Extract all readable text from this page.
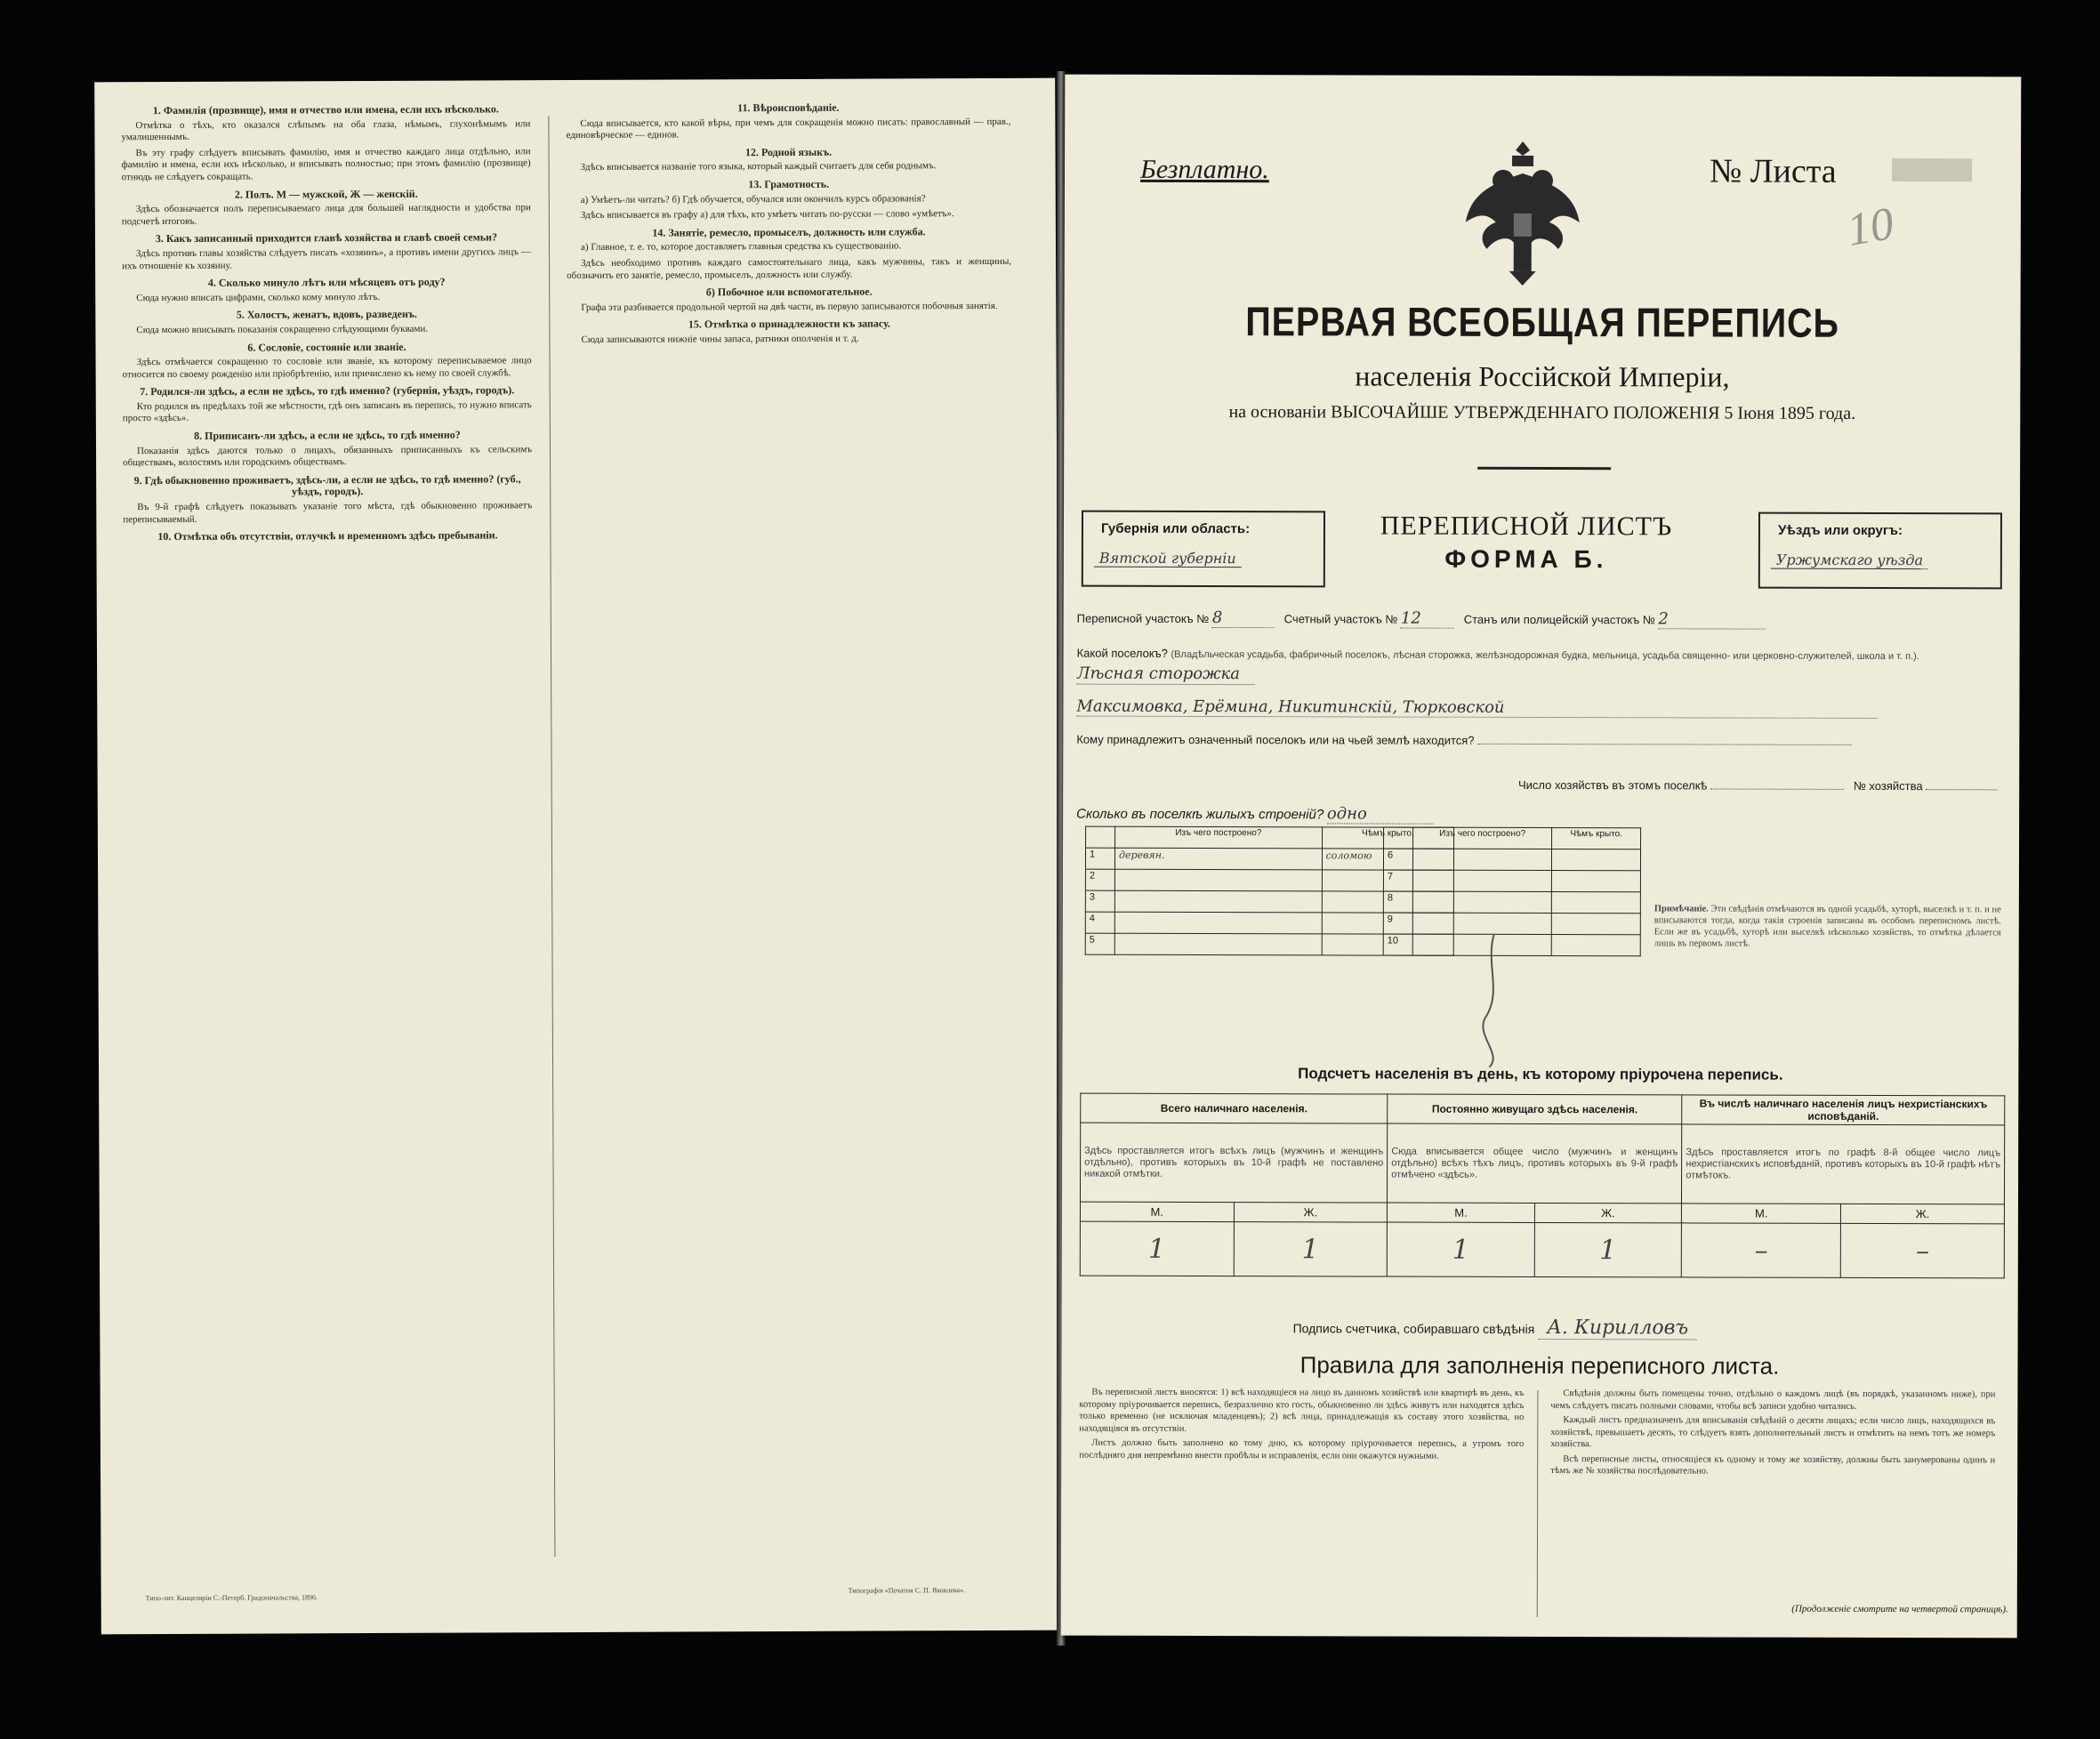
1. Фамилія (прозвище), имя и отчество или имена, если ихъ нѣсколько.
Отмѣтка о тѣхъ, кто оказался слѣпымъ на оба глаза, нѣмымъ, глухонѣмымъ или умалишеннымъ.
Въ эту графу слѣдуетъ вписывать фамилію, имя и отчество каждаго лица отдѣльно, или фамилію и имена, если ихъ нѣсколько, и вписывать полностью; при этомъ фамилію (прозвище) отнюдь не слѣдуетъ сокращать.
2. Полъ. М — мужской, Ж — женскій.
Здѣсь обозначается полъ переписываемаго лица для большей наглядности и удобства при подсчетѣ итоговъ.
3. Какъ записанный приходится главѣ хозяйства и главѣ своей семьи?
Здѣсь противъ главы хозяйства слѣдуетъ писать «хозяинъ», а противъ имени другихъ лицъ — ихъ отношеніе къ хозяину.
4. Сколько минуло лѣтъ или мѣсяцевъ отъ роду?
Сюда нужно вписать цифрами, сколько кому минуло лѣтъ.
5. Холостъ, женатъ, вдовъ, разведенъ.
Сюда можно вписывать показанія сокращенно слѣдующими буквами.
6. Сословіе, состояніе или званіе.
Здѣсь отмѣчается сокращенно то сословіе или званіе, къ которому переписываемое лицо относится по своему рожденію или пріобрѣтенію, или причислено къ нему по своей службѣ.
7. Родился-ли здѣсь, а если не здѣсь, то гдѣ именно? (губернія, уѣздъ, городъ).
Кто родился въ предѣлахъ той же мѣстности, гдѣ онъ записанъ въ перепись, то нужно вписать просто «здѣсь».
8. Приписанъ-ли здѣсь, а если не здѣсь, то гдѣ именно?
Показанія здѣсь даются только о лицахъ, обязанныхъ приписанныхъ къ сельскимъ обществамъ, волостямъ или городскимъ обществамъ.
9. Гдѣ обыкновенно проживаетъ, здѣсь-ли, а если не здѣсь, то гдѣ именно? (губ., уѣздъ, городъ).
Въ 9-й графѣ слѣдуетъ показывать указаніе того мѣста, гдѣ обыкновенно проживаетъ переписываемый.
10. Отмѣтка объ отсутствіи, отлучкѣ и временномъ здѣсь пребываніи.
11. Вѣроисповѣданіе.
Сюда вписывается, кто какой вѣры, при чемъ для сокращенія можно писать: православный — прав., единовѣрческое — единов.
12. Родной языкъ.
Здѣсь вписывается названіе того языка, который каждый считаетъ для себя роднымъ.
13. Грамотность.
а) Умѣетъ-ли читать? б) Гдѣ обучается, обучался или окончилъ курсъ образованія?
Здѣсь вписывается въ графу а) для тѣхъ, кто умѣетъ читать по-русски — слово «умѣетъ».
14. Занятіе, ремесло, промыселъ, должность или служба.
а) Главное, т. е. то, которое доставляетъ главныя средства къ существованію.
Здѣсь необходимо противъ каждаго самостоятельнаго лица, какъ мужчины, такъ и женщины, обозначить его занятіе, ремесло, промыселъ, должность или службу.
б) Побочное или вспомогательное.
Графа эта разбивается продольной чертой на двѣ части, въ первую записываются побочныя занятія.
15. Отмѣтка о принадлежности къ запасу.
Сюда записываются нижніе чины запаса, ратники ополченія и т. д.
Типо-лит. Канцеляріи С.-Петерб. Градоначальства, 1896.
Типографія «Печатня С. П. Яковлева».
Безплатно.	№ Листа
10
ПЕРВАЯ ВСЕОБЩАЯ ПЕРЕПИСЬ
населенія Россійской Имперіи,
на основаніи ВЫСОЧАЙШЕ УТВЕРЖДЕННАГО ПОЛОЖЕНІЯ 5 Іюня 1895 года.
Губернія или область:
Вятской губерніи
Уѣздъ или округъ:
Уржумскаго уѣзда
ПЕРЕПИСНОЙ ЛИСТЪ
ФОРМА Б.
Переписной участокъ № 8	Счетный участокъ № 12	Станъ или полицейскій участокъ № 2
Какой поселокъ? (Владѣльческая усадьба, фабричный поселокъ, лѣсная сторожка, желѣзнодорожная будка, мельница, усадьба священно- или церковно-служителей, школа и т. п.). Лѣсная сторожка
Максимовка, Ерёмина, Никитинскій, Тюрковской
Кому принадлежитъ означенный поселокъ или на чьей землѣ находится?
Число хозяйствъ въ этомъ поселкѣ	№ хозяйства
Сколько въ поселкѣ жилыхъ строеній? одно
	Изъ чего построено?	Чѣмъ крыто.
1	деревян.	соломою
2		
3		
4		
5		
	Изъ чего построено?	Чѣмъ крыто.
6		
7		
8		
9		
10		
Примѣчаніе. Эти свѣдѣнія отмѣчаются въ одной усадьбѣ, хуторѣ, выселкѣ и т. п. и не вписываются тогда, когда такія строенія записаны въ особомъ переписномъ листѣ. Если же въ усадьбѣ, хуторѣ или выселкѣ нѣсколько хозяйствъ, то отмѣтка дѣлается лишь въ первомъ листѣ.
Подсчетъ населенія въ день, къ которому пріурочена перепись.
Всего наличнаго населенія.		Постоянно живущаго здѣсь населенія.		Въ числѣ наличнаго населенія лицъ нехристіанскихъ исповѣданій.	
Здѣсь проставляется итогъ всѣхъ лицъ (мужчинъ и женщинъ отдѣльно), противъ которыхъ въ 10-й графѣ не поставлено никакой отмѣтки.		Сюда вписывается общее число (мужчинъ и женщинъ отдѣльно) всѣхъ тѣхъ лицъ, противъ которыхъ въ 9-й графѣ отмѣчено «здѣсь».		Здѣсь проставляется итогъ по графѣ 8-й общее число лицъ нехристіанскихъ исповѣданій, противъ которыхъ въ 10-й графѣ нѣтъ отмѣтокъ.	
М.	Ж.	М.	Ж.	М.	Ж.
1	1	1	1	–	–
Подпись счетчика, собиравшаго свѣдѣнія А. Кирилловъ
Правила для заполненія переписного листа.
Въ переписной листъ вносятся: 1) всѣ находящіеся на лицо въ данномъ хозяйствѣ или квартирѣ въ день, къ которому пріурочивается перепись, безразлично кто гость, обыкновенно ли здѣсь живутъ или находятся здѣсь только временно (не исключая младенцевъ); 2) всѣ лица, принадлежащія къ составу этого хозяйства, но находящіяся въ отсутствіи.
Листъ должно быть заполнено ко тому дню, къ которому пріурочивается перепись, а утромъ того послѣдняго дня непремѣнно внести пробѣлы и исправленія, если они окажутся нужными.
Свѣдѣнія должны быть помещены точно, отдѣльно о каждомъ лицѣ (въ порядкѣ, указанномъ ниже), при чемъ слѣдуетъ писать полными словами, чтобы всѣ записи удобно читались.
Каждый листъ предназначенъ для вписыванія свѣдѣній о десяти лицахъ; если число лицъ, находящихся въ хозяйствѣ, превышаетъ десять, то слѣдуетъ взять дополнительный листъ и отмѣтить на немъ тотъ же номеръ хозяйства.
Всѣ переписные листы, относящіеся къ одному и тому же хозяйству, должны быть занумерованы одинъ и тѣмъ же № хозяйства послѣдовательно.
(Продолженіе смотрите на четвертой страницѣ).
